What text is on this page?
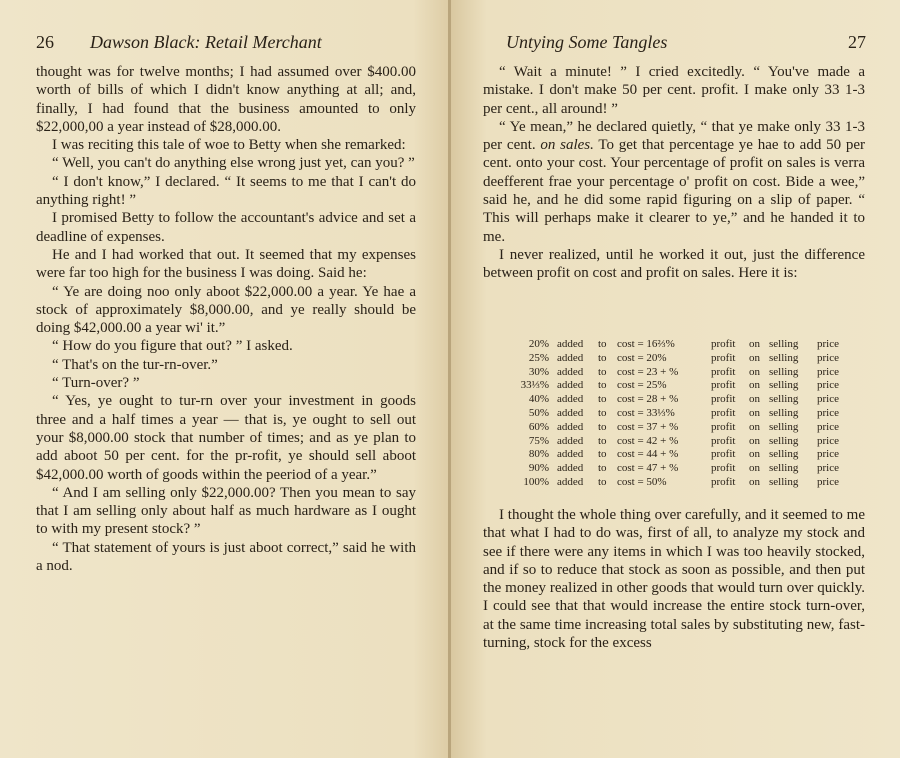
26 Dawson Black: Retail Merchant

thought was for twelve months; I had assumed over $400.00 worth of bills of which I didn't know anything at all; and, finally, I had found that the business amounted to only $22,000,00 a year instead of $28,000.00.

I was reciting this tale of woe to Betty when she remarked:

“ Well, you can't do anything else wrong just yet, can you? ”

“ I don't know,” I declared. “ It seems to me that I can't do anything right! ”

I promised Betty to follow the accountant's advice and set a deadline of expenses.

He and I had worked that out. It seemed that my expenses were far too high for the business I was doing. Said he:

“ Ye are doing noo only aboot $22,000.00 a year. Ye hae a stock of approximately $8,000.00, and ye really should be doing $42,000.00 a year wi' it.”

“ How do you figure that out? ” I asked.

“ That's on the tur-rn-over.”

“ Turn-over? ”

“ Yes, ye ought to tur-rn over your investment in goods three and a half times a year — that is, ye ought to sell out your $8,000.00 stock that number of times; and as ye plan to add aboot 50 per cent. for the pr-rofit, ye should sell aboot $42,000.00 worth of goods within the peeriod of a year.”

“ And I am selling only $22,000.00? Then you mean to say that I am selling only about half as much hardware as I ought to with my present stock? ”

“ That statement of yours is just aboot correct,” said he with a nod.

Untying Some Tangles	27

“ Wait a minute! ” I cried excitedly. “ You've made a mistake. I don't make 50 per cent. profit. I make only 33 1-3 per cent., all around! ”

“ Ye mean,” he declared quietly, “ that ye make only 33 1-3 per cent. on sales. To get that percentage ye hae to add 50 per cent. onto your cost. Your percentage of profit on sales is verra deefferent frae your percentage o' profit on cost. Bide a wee,” said he, and he did some rapid figuring on a slip of paper. “ This will perhaps make it clearer to ye,” and he handed it to me.

I never realized, until he worked it out, just the difference between profit on cost and profit on sales. Here it is:

20% added to cost = 16⅔%	profit on selling price
25% added to cost = 20%	profit on selling price
30% added to cost = 23 + %	profit on selling price
33⅓% added to cost = 25%	profit on selling price
40% added to cost = 28 + %	profit on selling price
50% added to cost = 33⅓%	profit on selling price
60% added to cost = 37 + %	profit on selling price
75% added to cost = 42 + %	profit on selling price
80% added to cost = 44 + %	profit on selling price
90% added to cost = 47 + %	profit on selling price
100% added to cost = 50%	profit on selling price

I thought the whole thing over carefully, and it seemed to me that what I had to do was, first of all, to analyze my stock and see if there were any items in which I was too heavily stocked, and if so to reduce that stock as soon as possible, and then put the money realized in other goods that would turn over quickly. I could see that that would increase the entire stock turn-over, at the same time increasing total sales by substituting new, fast-turning, stock for the excess
